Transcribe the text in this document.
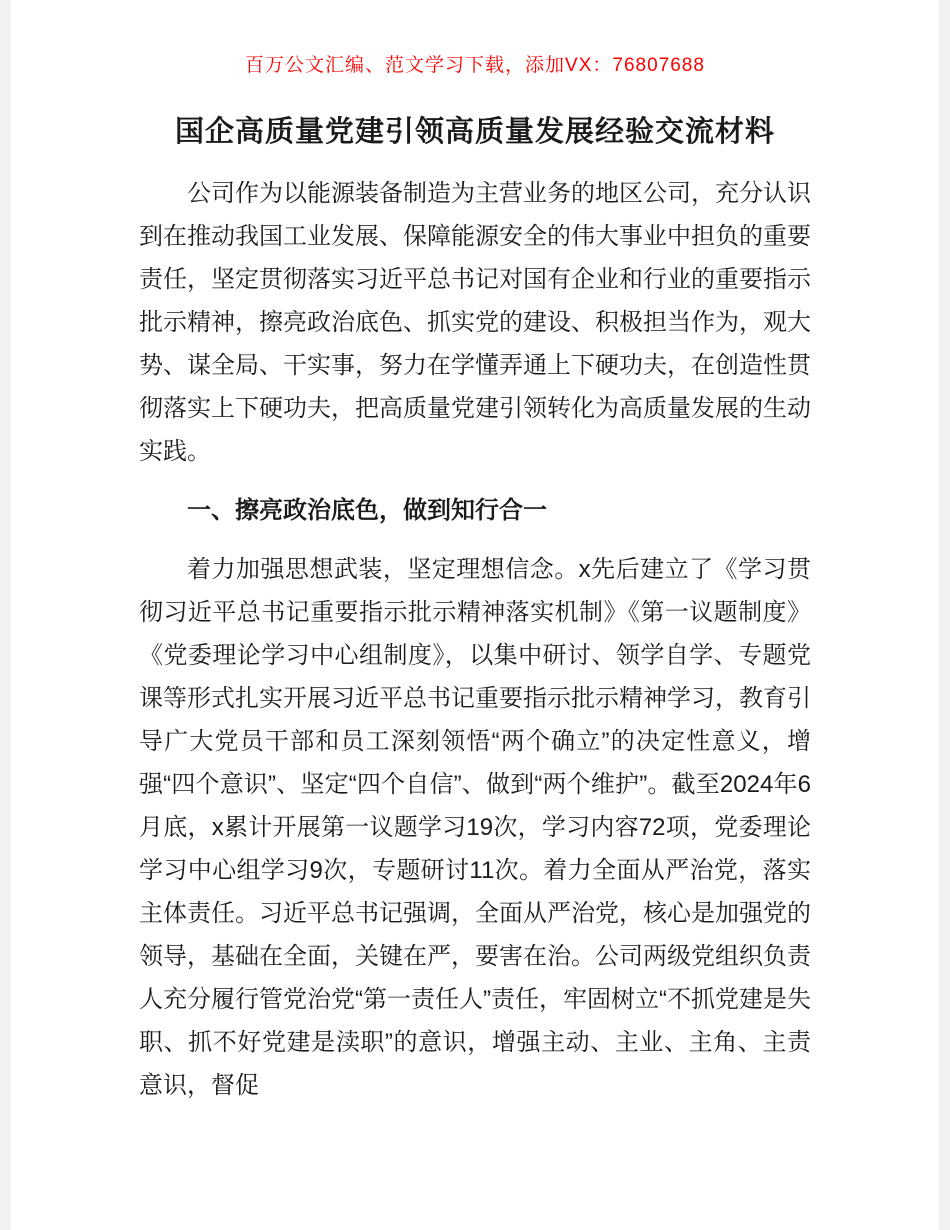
百万公文汇编、范文学习下载，添加VX：76807688
国企高质量党建引领高质量发展经验交流材料

公司作为以能源装备制造为主营业务的地区公司，充分认识到在推动我国工业发展、保障能源安全的伟大事业中担负的重要责任，坚定贯彻落实习近平总书记对国有企业和行业的重要指示批示精神，擦亮政治底色、抓实党的建设、积极担当作为，观大势、谋全局、干实事，努力在学懂弄通上下硬功夫，在创造性贯彻落实上下硬功夫，把高质量党建引领转化为高质量发展的生动实践。

一、擦亮政治底色，做到知行合一

着力加强思想武装，坚定理想信念。x先后建立了《学习贯彻习近平总书记重要指示批示精神落实机制》《第一议题制度》《党委理论学习中心组制度》，以集中研讨、领学自学、专题党课等形式扎实开展习近平总书记重要指示批示精神学习，教育引导广大党员干部和员工深刻领悟“两个确立”的决定性意义，增强“四个意识”、坚定“四个自信”、做到“两个维护”。截至2024年6月底，x累计开展第一议题学习19次，学习内容72项，党委理论学习中心组学习9次，专题研讨11次。着力全面从严治党，落实主体责任。习近平总书记强调，全面从严治党，核心是加强党的领导，基础在全面，关键在严，要害在治。公司两级党组织负责人充分履行管党治党“第一责任人”责任，牢固树立“不抓党建是失职、抓不好党建是渎职”的意识，增强主动、主业、主角、主责意识，督促
